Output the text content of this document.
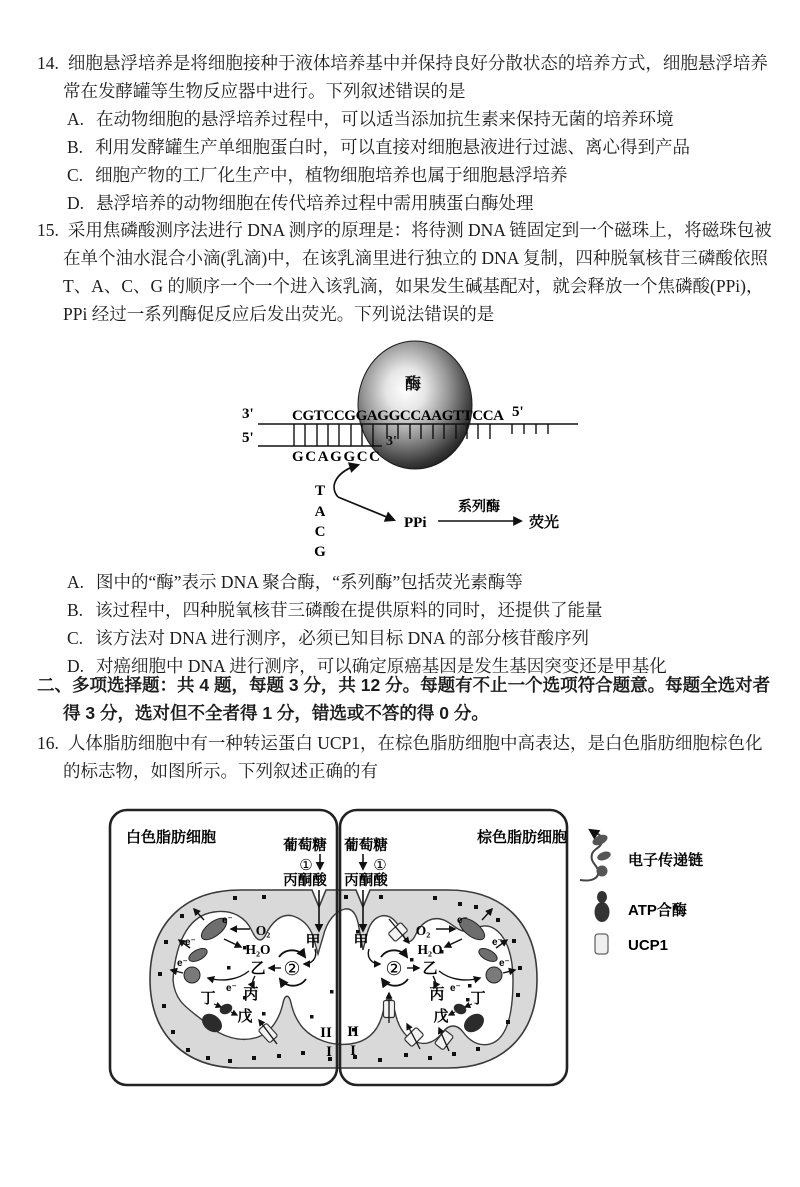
14. 细胞悬浮培养是将细胞接种于液体培养基中并保持良好分散状态的培养方式，细胞悬浮培养常在发酵罐等生物反应器中进行。下列叙述错误的是

A. 在动物细胞的悬浮培养过程中，可以适当添加抗生素来保持无菌的培养环境
B. 利用发酵罐生产单细胞蛋白时，可以直接对细胞悬液进行过滤、离心得到产品
C. 细胞产物的工厂化生产中，植物细胞培养也属于细胞悬浮培养
D. 悬浮培养的动物细胞在传代培养过程中需用胰蛋白酶处理

15. 采用焦磷酸测序法进行 DNA 测序的原理是：将待测 DNA 链固定到一个磁珠上，将磁珠包被在单个油水混合小滴(乳滴)中，在该乳滴里进行独立的 DNA 复制，四种脱氧核苷三磷酸依照 T、A、C、G 的顺序一个一个进入该乳滴，如果发生碱基配对，就会释放一个焦磷酸(PPi)，PPi 经过一系列酶促反应后发出荧光。下列说法错误的是

酶
3'	CGTCCGGAGGCCAAGTTCCA 5'
5'
GCAGGCC
3'
T
A
C
G
PPi
系列酶
荧光
A. 图中的“酶”表示 DNA 聚合酶，“系列酶”包括荧光素酶等
B. 该过程中，四种脱氧核苷三磷酸在提供原料的同时，还提供了能量
C. 该方法对 DNA 进行测序，必须已知目标 DNA 的部分核苷酸序列
D. 对癌细胞中 DNA 进行测序，可以确定原癌基因是发生基因突变还是甲基化

二、多项选择题：共 4 题，每题 3 分，共 12 分。每题有不止一个选项符合题意。每题全选对者得 3 分，选对但不全者得 1 分，错选或不答的得 0 分。

16. 人体脂肪细胞中有一种转运蛋白 UCP1，在棕色脂肪细胞中高表达，是白色脂肪细胞棕色化的标志物，如图所示。下列叙述正确的有

e⁻
e⁻
e⁻
e⁻
O₂
H₂O 甲
②
乙
丙
丁
戊
e⁻
e⁻
e⁻
e⁻
O₂
H₂O
甲
② 乙
丙 丁
戊
II
I
II
I
白色脂肪细胞	棕色脂肪细胞
葡萄糖
①
丙酮酸
葡萄糖
①
丙酮酸
电子传递链
ATP合酶
UCP1
